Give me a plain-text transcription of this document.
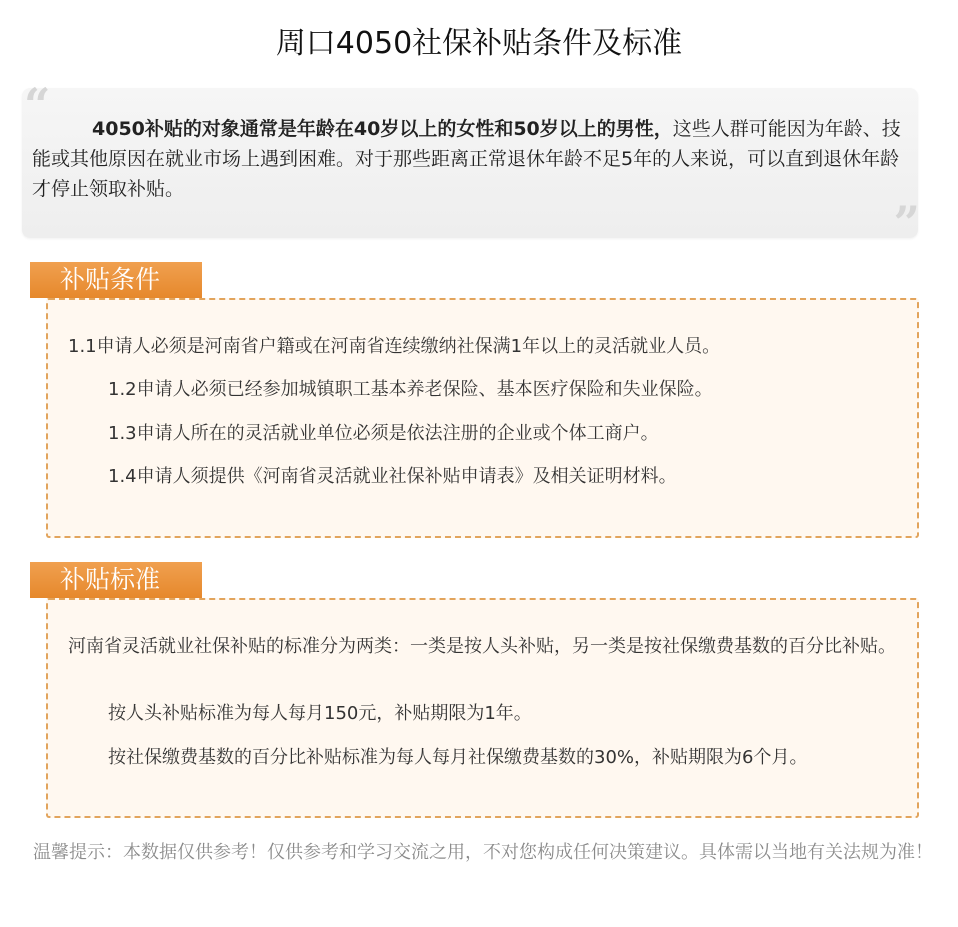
周口4050社保补贴条件及标准
“	4050补贴的对象通常是年龄在40岁以上的女性和50岁以上的男性，这些人群可能因为年龄、技能或其他原因在就业市场上遇到困难。对于那些距离正常退休年龄不足5年的人来说，可以直到退休年龄才停止领取补贴。
”
补贴条件
1.1申请人必须是河南省户籍或在河南省连续缴纳社保满1年以上的灵活就业人员。
1.2申请人必须已经参加城镇职工基本养老保险、基本医疗保险和失业保险。
1.3申请人所在的灵活就业单位必须是依法注册的企业或个体工商户。
1.4申请人须提供《河南省灵活就业社保补贴申请表》及相关证明材料。
补贴标准
河南省灵活就业社保补贴的标准分为两类：一类是按人头补贴，另一类是按社保缴费基数的百分比补贴。
按人头补贴标准为每人每月150元，补贴期限为1年。
按社保缴费基数的百分比补贴标准为每人每月社保缴费基数的30%，补贴期限为6个月。
温馨提示：本数据仅供参考！仅供参考和学习交流之用，不对您构成任何决策建议。具体需以当地有关法规为准！
